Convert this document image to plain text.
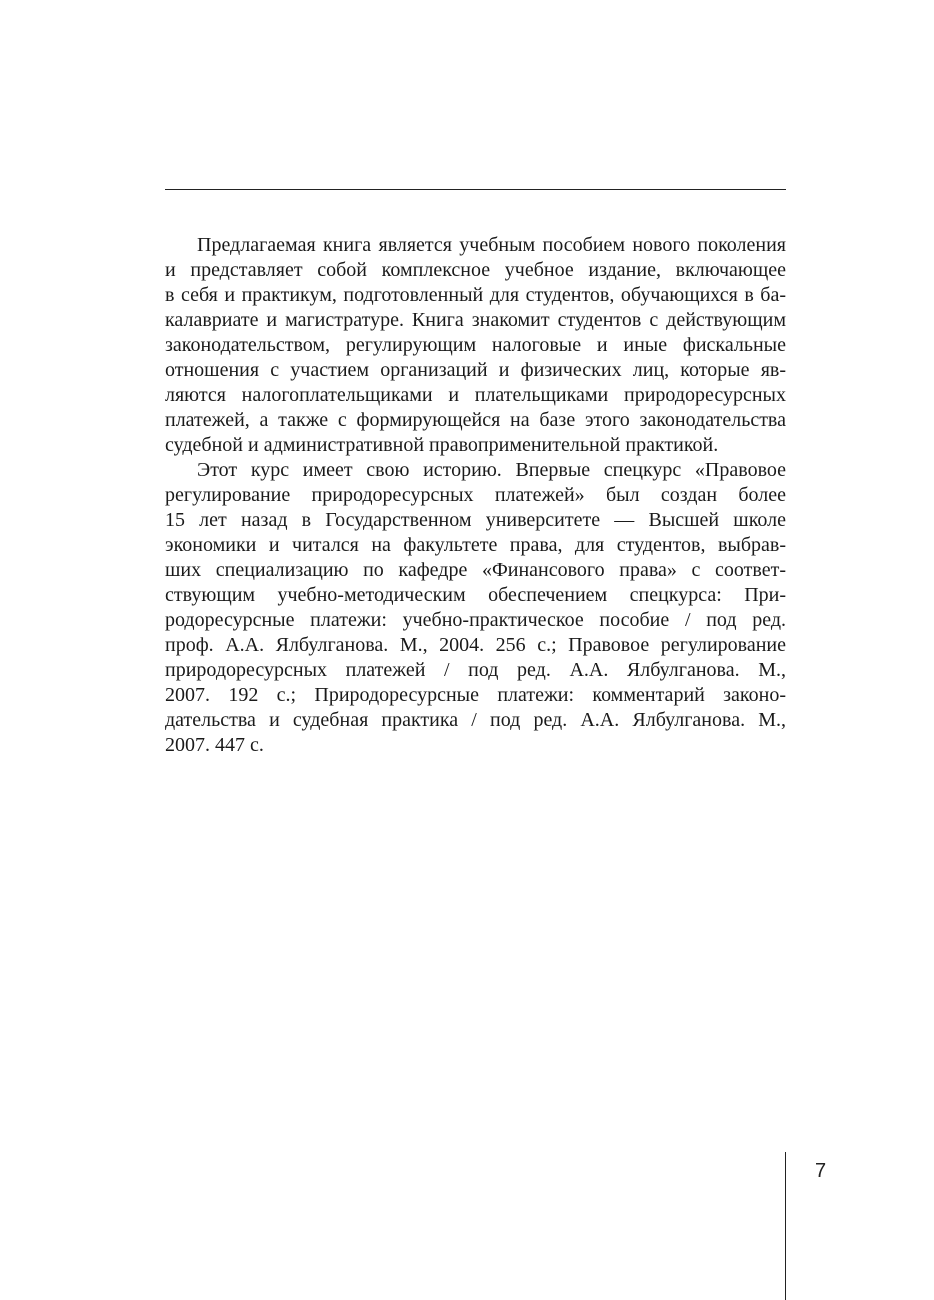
Предлагаемая книга является учебным пособием нового поколения
и представляет собой комплексное учебное издание, включающее
в себя и практикум, подготовленный для студентов, обучающихся в ба-
калавриате и магистратуре. Книга знакомит студентов с действующим
законодательством, регулирующим налоговые и иные фискальные
отношения с участием организаций и физических лиц, которые яв-
ляются налогоплательщиками и плательщиками природоресурсных
платежей, а также с формирующейся на базе этого законодательства
судебной и административной правоприменительной практикой.

Этот курс имеет свою историю. Впервые спецкурс «Правовое
регулирование природоресурсных платежей» был создан более
15 лет назад в Государственном университете — Высшей школе
экономики и читался на факультете права, для студентов, выбрав-
ших специализацию по кафедре «Финансового права» с соответ-
ствующим учебно-методическим обеспечением спецкурса: При-
родоресурсные платежи: учебно-практическое пособие / под ред.
проф. А.А. Ялбулганова. М., 2004. 256 с.; Правовое регулирование
природоресурсных платежей / под ред. А.А. Ялбулганова. М.,
2007. 192 с.; Природоресурсные платежи: комментарий законо-
дательства и судебная практика / под ред. А.А. Ялбулганова. М.,
2007. 447 с.

7
